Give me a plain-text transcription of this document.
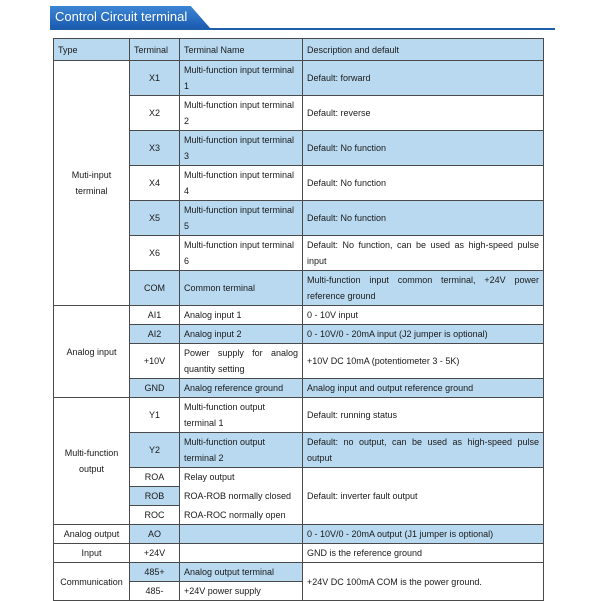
Control Circuit terminal
Type	Terminal	Terminal Name	Description and default
Muti-input terminal	X1	Multi-function input terminal 1	Default: forward
	X2	Multi-function input terminal 2	Default: reverse
	X3	Multi-function input terminal 3	Default: No function
	X4	Multi-function input terminal 4	Default: No function
	X5	Multi-function input terminal 5	Default: No function
	X6	Multi-function input terminal 6	Default: No function, can be used as high-speed pulse input
	COM	Common terminal	Multi-function input common terminal, +24V power reference ground
Analog input	AI1	Analog input 1	0 - 10V input
	AI2	Analog input 2	0 - 10V/0 - 20mA input (J2 jumper is optional)
	+10V	Power supply for analog quantity setting	+10V DC 10mA (potentiometer 3 - 5K)
	GND	Analog reference ground	Analog input and output reference ground
Multi-function output	Y1	Multi-function output terminal 1	Default: running status
	Y2	Multi-function output terminal 2	Default: no output, can be used as high-speed pulse output
	ROA	Relay output	Default: inverter fault output
	ROB	ROA-ROB normally closed	
	ROC	ROA-ROC normally open	
Analog output	AO		0 - 10V/0 - 20mA output (J1 jumper is optional)
Input	+24V		GND is the reference ground
Communication	485+	Analog output terminal	+24V DC 100mA COM is the power ground.
	485-	+24V power supply	
